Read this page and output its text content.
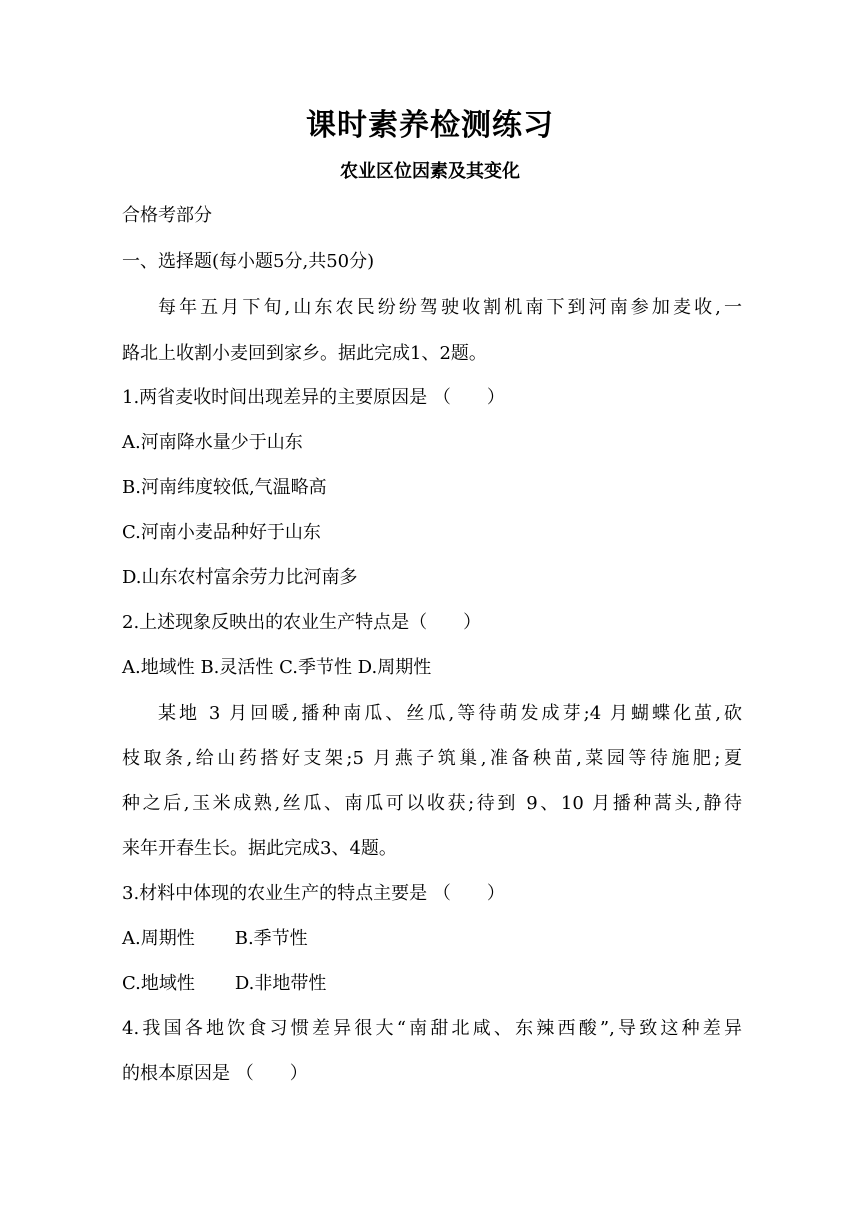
课时素养检测练习
农业区位因素及其变化
合格考部分
一、选择题(每小题5分,共50分)
每年五月下旬,山东农民纷纷驾驶收割机南下到河南参加麦收,一
路北上收割小麦回到家乡。据此完成1、2题。
1.两省麦收时间出现差异的主要原因是 （　　）
A.河南降水量少于山东
B.河南纬度较低,气温略高
C.河南小麦品种好于山东
D.山东农村富余劳力比河南多
2.上述现象反映出的农业生产特点是（　　）
A.地域性 B.灵活性 C.季节性 D.周期性
某地 3 月回暖,播种南瓜、丝瓜,等待萌发成芽;4 月蝴蝶化茧,砍
枝取条,给山药搭好支架;5 月燕子筑巢,准备秧苗,菜园等待施肥;夏
种之后,玉米成熟,丝瓜、南瓜可以收获;待到 9、10 月播种蒿头,静待
来年开春生长。据此完成3、4题。
3.材料中体现的农业生产的特点主要是 （　　）
A.周期性 B.季节性
C.地域性 D.非地带性
4.我国各地饮食习惯差异很大“南甜北咸、东辣西酸”,导致这种差异
的根本原因是 （　　）
